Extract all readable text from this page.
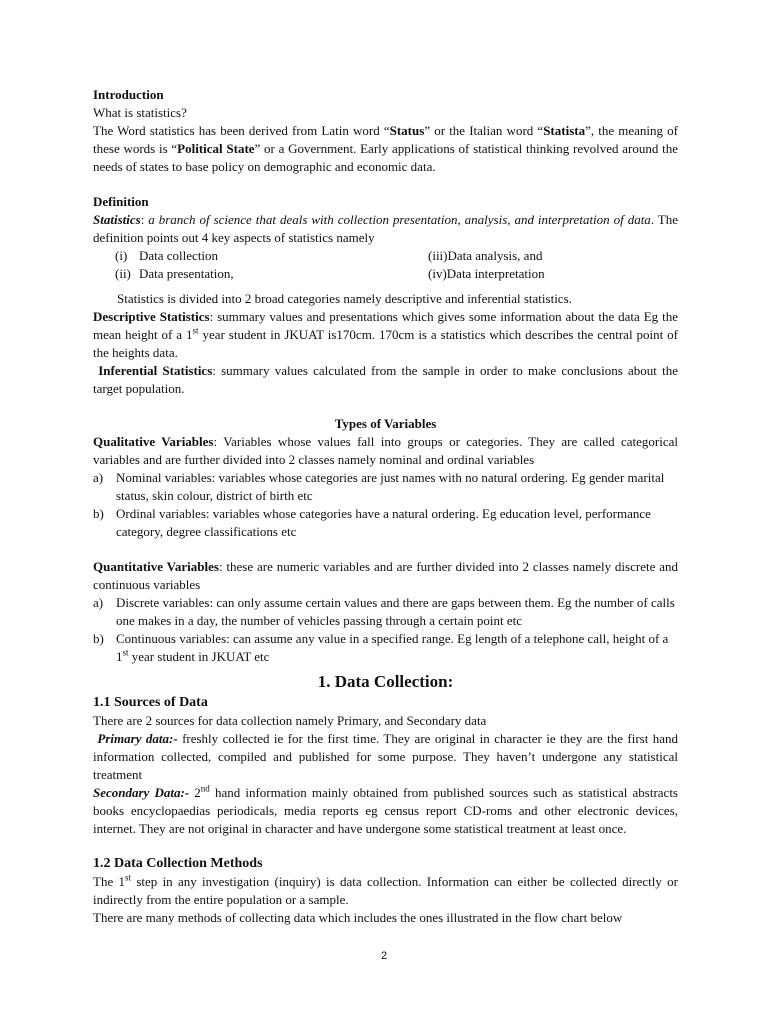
Introduction

What is statistics?

The Word statistics has been derived from Latin word “Status” or the Italian word “Statista”, the meaning of these words is “Political State” or a Government. Early applications of statistical thinking revolved around the needs of states to base policy on demographic and economic data.

Definition

Statistics: a branch of science that deals with collection presentation, analysis, and interpretation of data. The definition points out 4 key aspects of statistics namely

(i) Data collection	(iii)Data analysis, and
(ii) Data presentation,	(iv)Data interpretation

Statistics is divided into 2 broad categories namely descriptive and inferential statistics.

Descriptive Statistics: summary values and presentations which gives some information about the data Eg the mean height of a 1st year student in JKUAT is170cm. 170cm is a statistics which describes the central point of the heights data.

Inferential Statistics: summary values calculated from the sample in order to make conclusions about the target population.

Types of Variables

Qualitative Variables: Variables whose values fall into groups or categories. They are called categorical variables and are further divided into 2 classes namely nominal and ordinal variables

a) Nominal variables: variables whose categories are just names with no natural ordering. Eg gender marital status, skin colour, district of birth etc
b) Ordinal variables: variables whose categories have a natural ordering. Eg education level, performance category, degree classifications etc

Quantitative Variables: these are numeric variables and are further divided into 2 classes namely discrete and continuous variables

a) Discrete variables: can only assume certain values and there are gaps between them. Eg the number of calls one makes in a day, the number of vehicles passing through a certain point etc
b) Continuous variables: can assume any value in a specified range. Eg length of a telephone call, height of a 1st year student in JKUAT etc

1. Data Collection:

1.1 Sources of Data

There are 2 sources for data collection namely Primary, and Secondary data

Primary data:- freshly collected ie for the first time. They are original in character ie they are the first hand information collected, compiled and published for some purpose. They haven’t undergone any statistical treatment

Secondary Data:- 2nd hand information mainly obtained from published sources such as statistical abstracts books encyclopaedias periodicals, media reports eg census report CD-roms and other electronic devices, internet. They are not original in character and have undergone some statistical treatment at least once.

1.2 Data Collection Methods

The 1st step in any investigation (inquiry) is data collection. Information can either be collected directly or indirectly from the entire population or a sample.

There are many methods of collecting data which includes the ones illustrated in the flow chart below

2
